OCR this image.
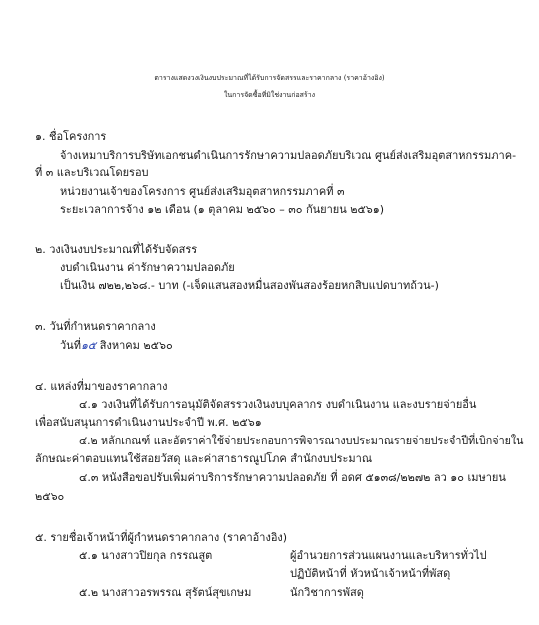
ตารางแสดงวงเงินงบประมาณที่ได้รับการจัดสรรและราคากลาง (ราคาอ้างอิง)
ในการจัดซื้อที่มิใช่งานก่อสร้าง
๑. ชื่อโครงการ
จ้างเหมาบริการบริษัทเอกชนดำเนินการรักษาความปลอดภัยบริเวณ ศูนย์ส่งเสริมอุตสาหกรรมภาค-
ที่ ๓ และบริเวณโดยรอบ
หน่วยงานเจ้าของโครงการ ศูนย์ส่งเสริมอุตสาหกรรมภาคที่ ๓
ระยะเวลาการจ้าง ๑๒ เดือน (๑ ตุลาคม ๒๕๖๐ – ๓๐ กันยายน ๒๕๖๑)
๒. วงเงินงบประมาณที่ได้รับจัดสรร
งบดำเนินงาน ค่ารักษาความปลอดภัย
เป็นเงิน ๗๒๒,๒๖๘.- บาท (-เจ็ดแสนสองหมื่นสองพันสองร้อยหกสิบแปดบาทถ้วน-)
๓. วันที่กำหนดราคากลาง
วันที่๑๕ สิงหาคม ๒๕๖๐
๔. แหล่งที่มาของราคากลาง
๔.๑ วงเงินที่ได้รับการอนุมัติจัดสรรวงเงินงบบุคลากร งบดำเนินงาน และงบรายจ่ายอื่น
เพื่อสนับสนุนการดำเนินงานประจำปี พ.ศ. ๒๕๖๑
๔.๒ หลักเกณฑ์ และอัตราค่าใช้จ่ายประกอบการพิจารณางบประมาณรายจ่ายประจำปีที่เบิกจ่ายใน
ลักษณะค่าตอบแทนใช้สอยวัสดุ และค่าสาธารณูปโภค สำนักงบประมาณ
๔.๓ หนังสือขอปรับเพิ่มค่าบริการรักษาความปลอดภัย ที่ อดศ ๕๑๓๘/๒๒๗๒ ลว ๑๐ เมษายน
๒๕๖๐
๕. รายชื่อเจ้าหน้าที่ผู้กำหนดราคากลาง (ราคาอ้างอิง)
๕.๑ นางสาวปิยกุล กรรณสูต	ผู้อำนวยการส่วนแผนงานและบริหารทั่วไป
ปฏิบัติหน้าที่ หัวหน้าเจ้าหน้าที่พัสดุ
๕.๒ นางสาวอรพรรณ สุรัตน์สุขเกษม	นักวิชาการพัสดุ
